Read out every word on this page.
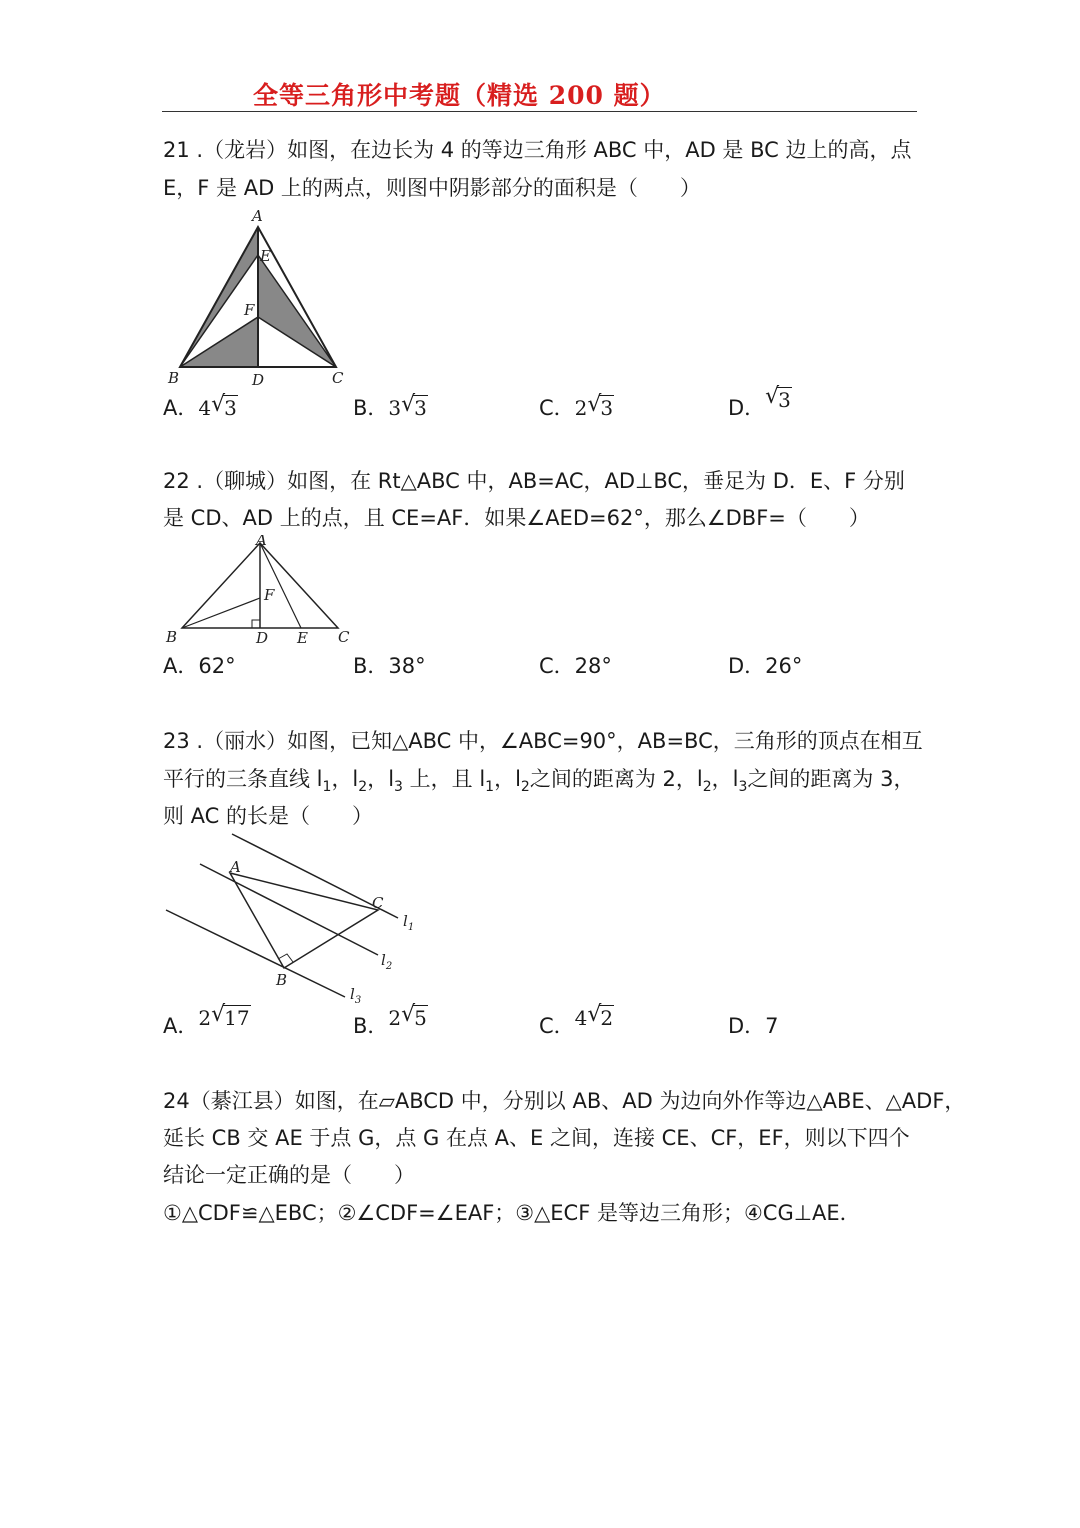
全等三角形中考题（精选 200 题）
21 .（龙岩）如图，在边长为 4 的等边三角形 ABC 中，AD 是 BC 边上的高，点
E，F 是 AD 上的两点，则图中阴影部分的面积是（　　）
A
E
F
B	D	C
A．4 √
3	B．3 √
3	C．2 √
3	D． √
3
22 .（聊城）如图，在 Rt△ABC 中，AB=AC，AD⊥BC，垂足为 D．E、F 分别
是 CD、AD 上的点，且 CE=AF．如果∠AED=62°，那么∠DBF=（　　）
A
F
B	D E C
A．62°	B．38°	C．28°	D．26°
23 .（丽水）如图，已知△ABC 中，∠ABC=90°，AB=BC，三角形的顶点在相互
平行的三条直线 $l_1$，$l_2$，$l_3$ 上，且 $l_1$，$l_2$之间的距离为 2，$l_2$，$l_3$之间的距离为 3，
则 AC 的长是（　　）
A
C
B
$l_1$
$l_2$
$l_3$
A．2 √
17	B．2 √
5	C．4 √
2	D．7
24（綦江县）如图，在▱ABCD 中，分别以 AB、AD 为边向外作等边△ABE、△ADF，
延长 CB 交 AE 于点 G，点 G 在点 A、E 之间，连接 CE、CF，EF，则以下四个
结论一定正确的是（　　）
①△CDF≌△EBC；②∠CDF=∠EAF；③△ECF 是等边三角形；④CG⊥AE．
